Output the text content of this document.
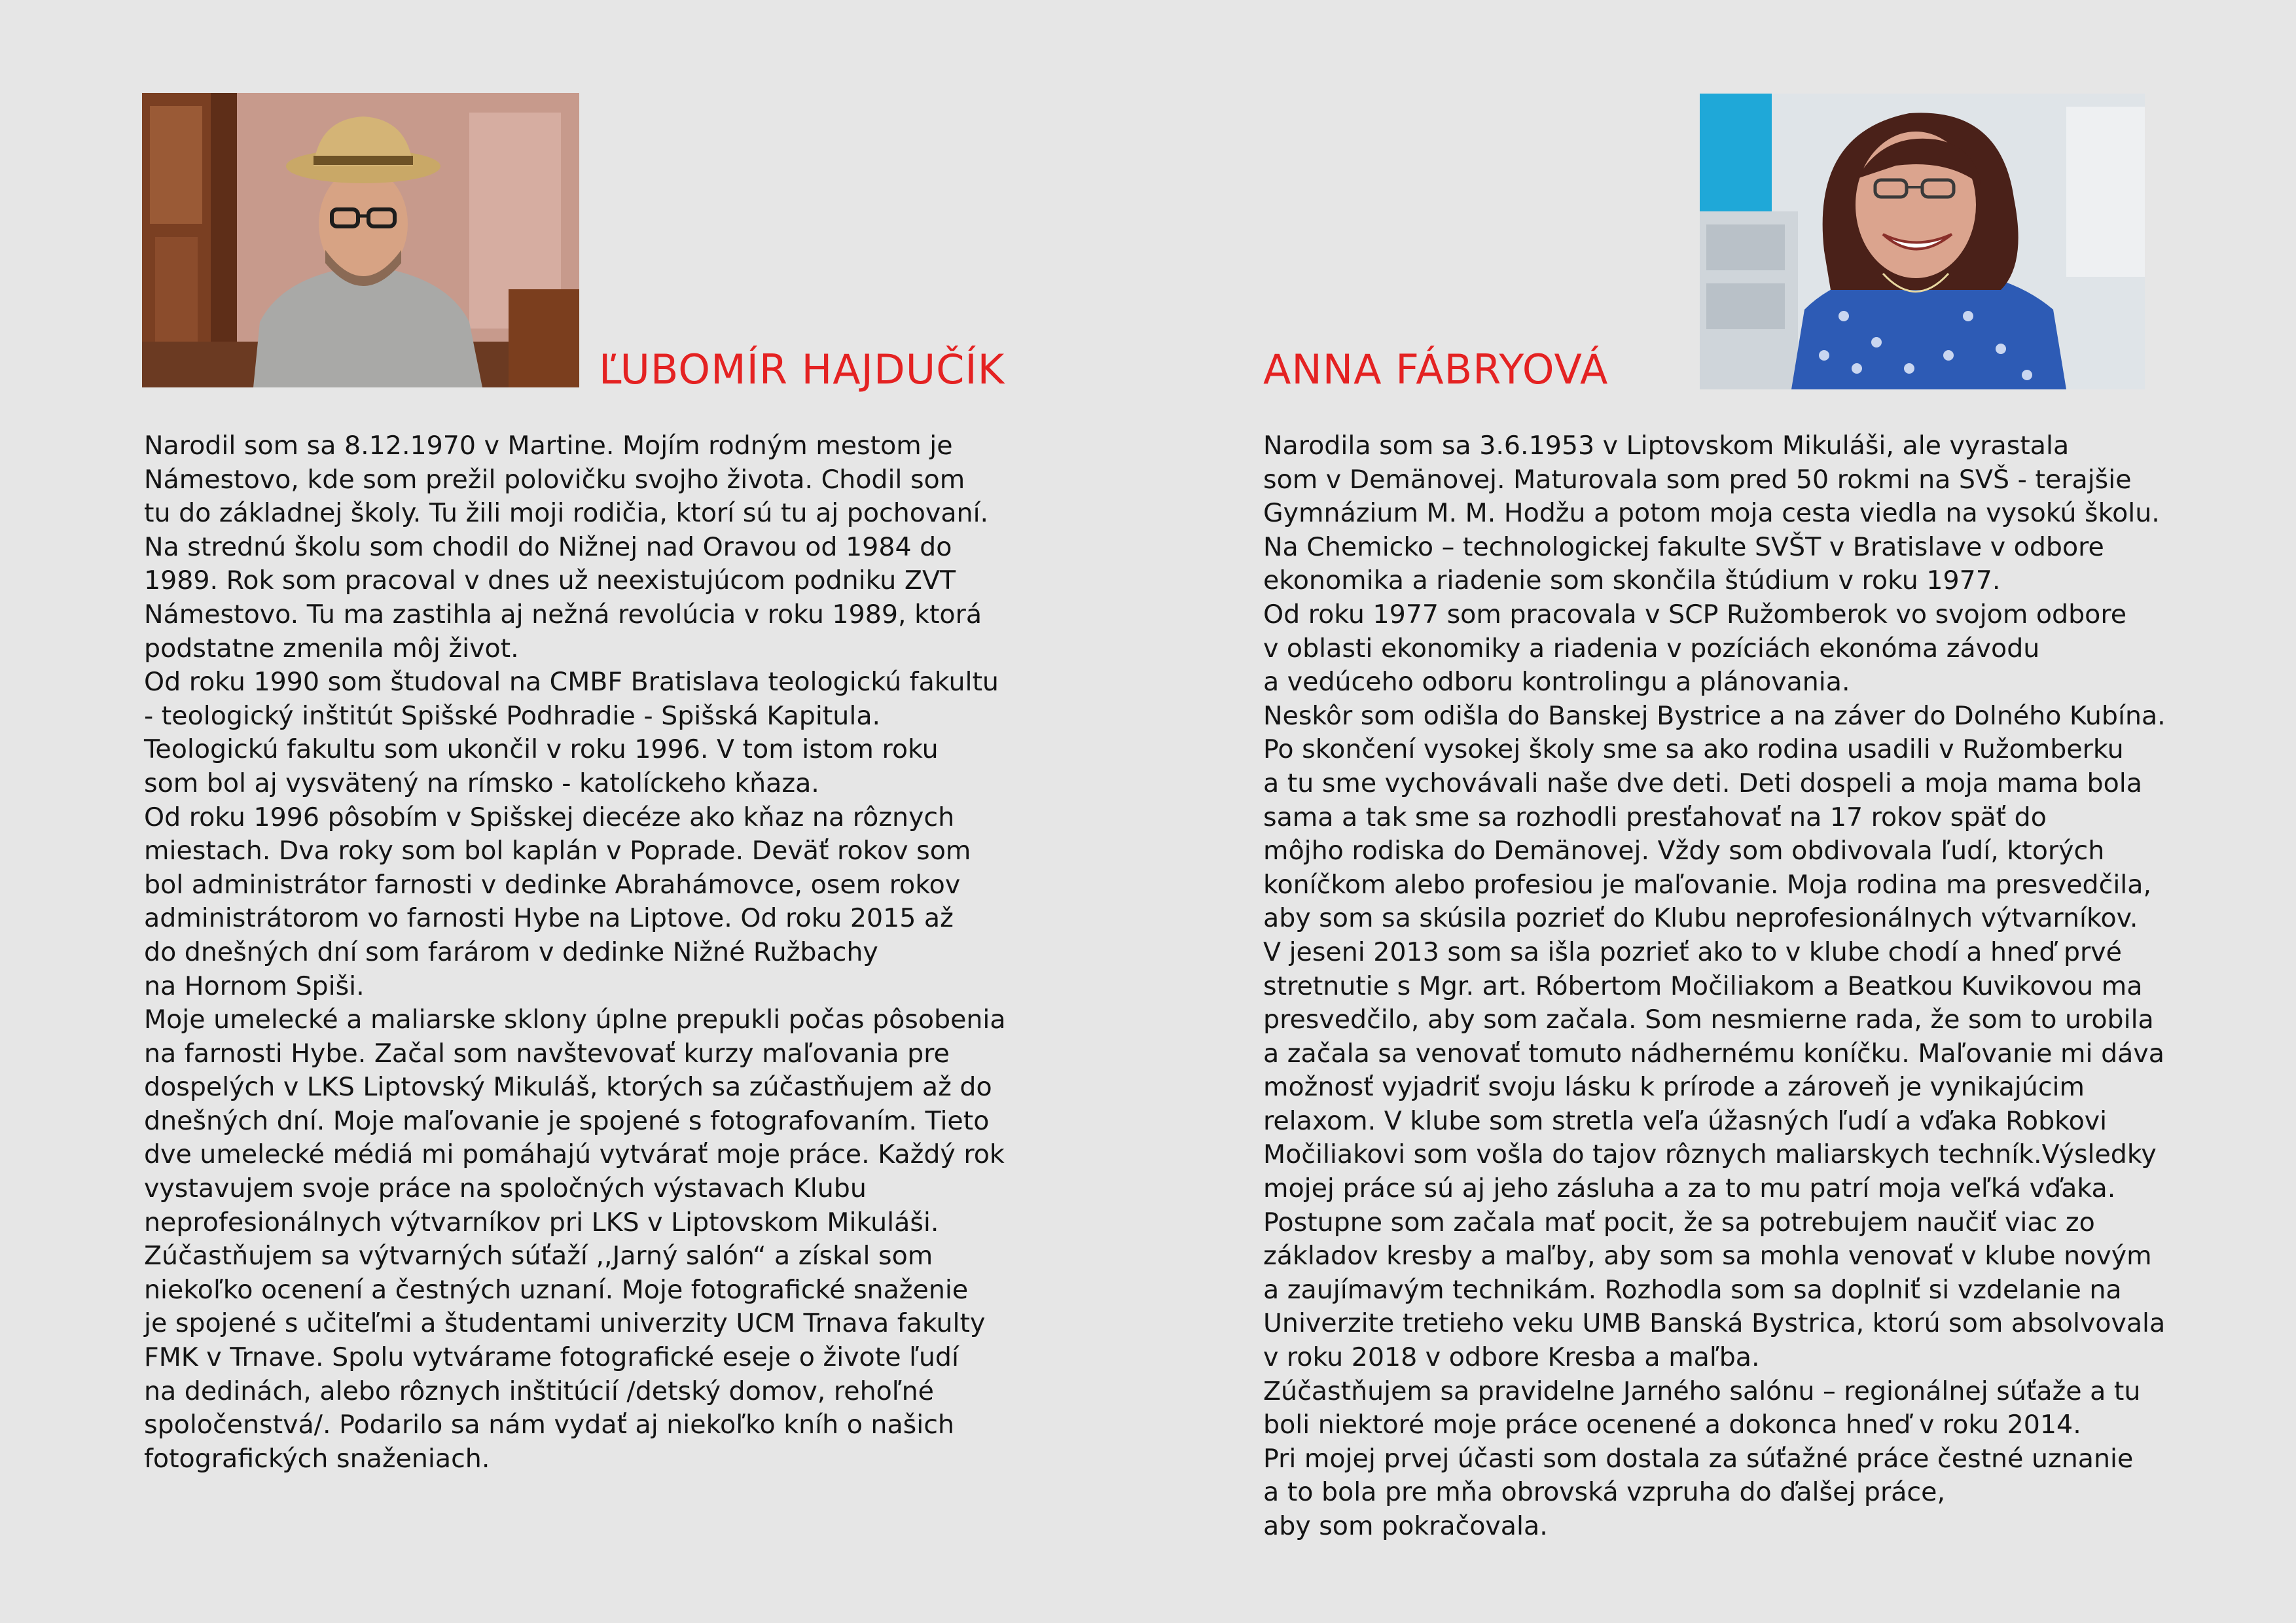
ĽUBOMÍR HAJDUČÍK
Narodil som sa 8.12.1970 v Martine. Mojím rodným mestom je
Námestovo, kde som prežil polovičku svojho života. Chodil som
tu do základnej školy. Tu žili moji rodičia, ktorí sú tu aj pochovaní.
Na strednú školu som chodil do Nižnej nad Oravou od 1984 do
1989. Rok som pracoval v dnes už neexistujúcom podniku ZVT
Námestovo. Tu ma zastihla aj nežná revolúcia v roku 1989, ktorá
podstatne zmenila môj život.
Od roku 1990 som študoval na CMBF Bratislava teologickú fakultu
- teologický inštitút Spišské Podhradie - Spišská Kapitula.
Teologickú fakultu som ukončil v roku 1996. V tom istom roku
som bol aj vysvätený na rímsko - katolíckeho kňaza.
Od roku 1996 pôsobím v Spišskej diecéze ako kňaz na rôznych
miestach. Dva roky som bol kaplán v Poprade. Deväť rokov som
bol administrátor farnosti v dedinke Abrahámovce, osem rokov
administrátorom vo farnosti Hybe na Liptove. Od roku 2015 až
do dnešných dní som farárom v dedinke Nižné Ružbachy
na Hornom Spiši.
Moje umelecké a maliarske sklony úplne prepukli počas pôsobenia
na farnosti Hybe. Začal som navštevovať kurzy maľovania pre
dospelých v LKS Liptovský Mikuláš, ktorých sa zúčastňujem až do
dnešných dní. Moje maľovanie je spojené s fotografovaním. Tieto
dve umelecké médiá mi pomáhajú vytvárať moje práce. Každý rok
vystavujem svoje práce na spoločných výstavach Klubu
neprofesionálnych výtvarníkov pri LKS v Liptovskom Mikuláši.
Zúčastňujem sa výtvarných súťaží ,,Jarný salón“ a získal som
niekoľko ocenení a čestných uznaní. Moje fotografické snaženie
je spojené s učiteľmi a študentami univerzity UCM Trnava fakulty
FMK v Trnave. Spolu vytvárame fotografické eseje o živote ľudí
na dedinách, alebo rôznych inštitúcií /detský domov, rehoľné
spoločenstvá/. Podarilo sa nám vydať aj niekoľko kníh o našich
fotografických snaženiach.
ANNA FÁBRYOVÁ
Narodila som sa 3.6.1953 v Liptovskom Mikuláši, ale vyrastala
som v Demänovej. Maturovala som pred 50 rokmi na SVŠ - terajšie
Gymnázium M. M. Hodžu a potom moja cesta viedla na vysokú školu.
Na Chemicko – technologickej fakulte SVŠT v Bratislave v odbore
ekonomika a riadenie som skončila štúdium v roku 1977.
Od roku 1977 som pracovala v SCP Ružomberok vo svojom odbore
v oblasti ekonomiky a riadenia v pozíciách ekonóma závodu
a vedúceho odboru kontrolingu a plánovania.
Neskôr som odišla do Banskej Bystrice a na záver do Dolného Kubína.
Po skončení vysokej školy sme sa ako rodina usadili v Ružomberku
a tu sme vychovávali naše dve deti. Deti dospeli a moja mama bola
sama a tak sme sa rozhodli presťahovať na 17 rokov späť do
môjho rodiska do Demänovej. Vždy som obdivovala ľudí, ktorých
koníčkom alebo profesiou je maľovanie. Moja rodina ma presvedčila,
aby som sa skúsila pozrieť do Klubu neprofesionálnych výtvarníkov.
V jeseni 2013 som sa išla pozrieť ako to v klube chodí a hneď prvé
stretnutie s Mgr. art. Róbertom Močiliakom a Beatkou Kuvikovou ma
presvedčilo, aby som začala. Som nesmierne rada, že som to urobila
a začala sa venovať tomuto nádhernému koníčku. Maľovanie mi dáva
možnosť vyjadriť svoju lásku k prírode a zároveň je vynikajúcim
relaxom. V klube som stretla veľa úžasných ľudí a vďaka Robkovi
Močiliakovi som vošla do tajov rôznych maliarskych techník.Výsledky
mojej práce sú aj jeho zásluha a za to mu patrí moja veľká vďaka.
Postupne som začala mať pocit, že sa potrebujem naučiť viac zo
základov kresby a maľby, aby som sa mohla venovať v klube novým
a zaujímavým technikám. Rozhodla som sa doplniť si vzdelanie na
Univerzite tretieho veku UMB Banská Bystrica, ktorú som absolvovala
v roku 2018 v odbore Kresba a maľba.
Zúčastňujem sa pravidelne Jarného salónu – regionálnej súťaže a tu
boli niektoré moje práce ocenené a dokonca hneď v roku 2014.
Pri mojej prvej účasti som dostala za súťažné práce čestné uznanie
a to bola pre mňa obrovská vzpruha do ďalšej práce,
aby som pokračovala.
